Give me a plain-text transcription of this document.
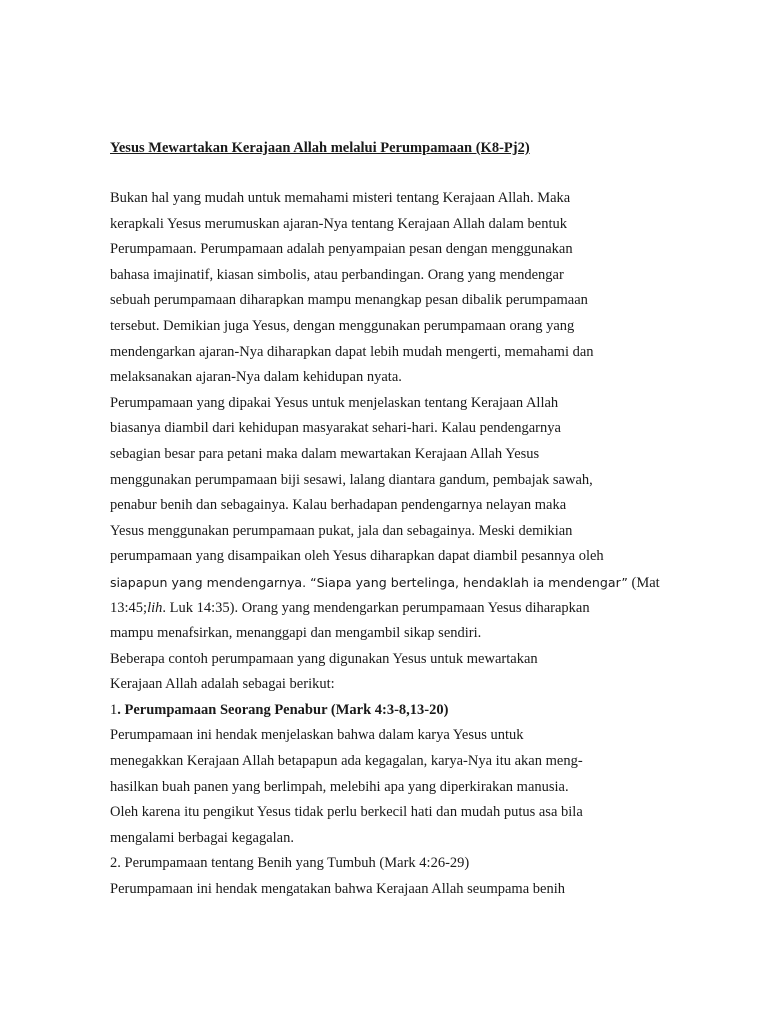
Yesus Mewartakan Kerajaan Allah melalui Perumpamaan (K8-Pj2)
Bukan hal yang mudah untuk memahami misteri tentang Kerajaan Allah. Maka
kerapkali Yesus merumuskan ajaran-Nya tentang Kerajaan Allah dalam bentuk
Perumpamaan. Perumpamaan adalah penyampaian pesan dengan menggunakan
bahasa imajinatif, kiasan simbolis, atau perbandingan. Orang yang mendengar
sebuah perumpamaan diharapkan mampu menangkap pesan dibalik perumpamaan
tersebut. Demikian juga Yesus, dengan menggunakan perumpamaan orang yang
mendengarkan ajaran-Nya diharapkan dapat lebih mudah mengerti, memahami dan
melaksanakan ajaran-Nya dalam kehidupan nyata.
Perumpamaan yang dipakai Yesus untuk menjelaskan tentang Kerajaan Allah
biasanya diambil dari kehidupan masyarakat sehari-hari. Kalau pendengarnya
sebagian besar para petani maka dalam mewartakan Kerajaan Allah Yesus
menggunakan perumpamaan biji sesawi, lalang diantara gandum, pembajak sawah,
penabur benih dan sebagainya. Kalau berhadapan pendengarnya nelayan maka
Yesus menggunakan perumpamaan pukat, jala dan sebagainya. Meski demikian
perumpamaan yang disampaikan oleh Yesus diharapkan dapat diambil pesannya oleh
siapapun yang mendengarnya. “Siapa yang bertelinga, hendaklah ia mendengar” (Mat
13:45;lih. Luk 14:35). Orang yang mendengarkan perumpamaan Yesus diharapkan
mampu menafsirkan, menanggapi dan mengambil sikap sendiri.
Beberapa contoh perumpamaan yang digunakan Yesus untuk mewartakan
Kerajaan Allah adalah sebagai berikut:
1. Perumpamaan Seorang Penabur (Mark 4:3-8,13-20)
Perumpamaan ini hendak menjelaskan bahwa dalam karya Yesus untuk
menegakkan Kerajaan Allah betapapun ada kegagalan, karya-Nya itu akan meng-
hasilkan buah panen yang berlimpah, melebihi apa yang diperkirakan manusia.
Oleh karena itu pengikut Yesus tidak perlu berkecil hati dan mudah putus asa bila
mengalami berbagai kegagalan.
2. Perumpamaan tentang Benih yang Tumbuh (Mark 4:26-29)
Perumpamaan ini hendak mengatakan bahwa Kerajaan Allah seumpama benih
